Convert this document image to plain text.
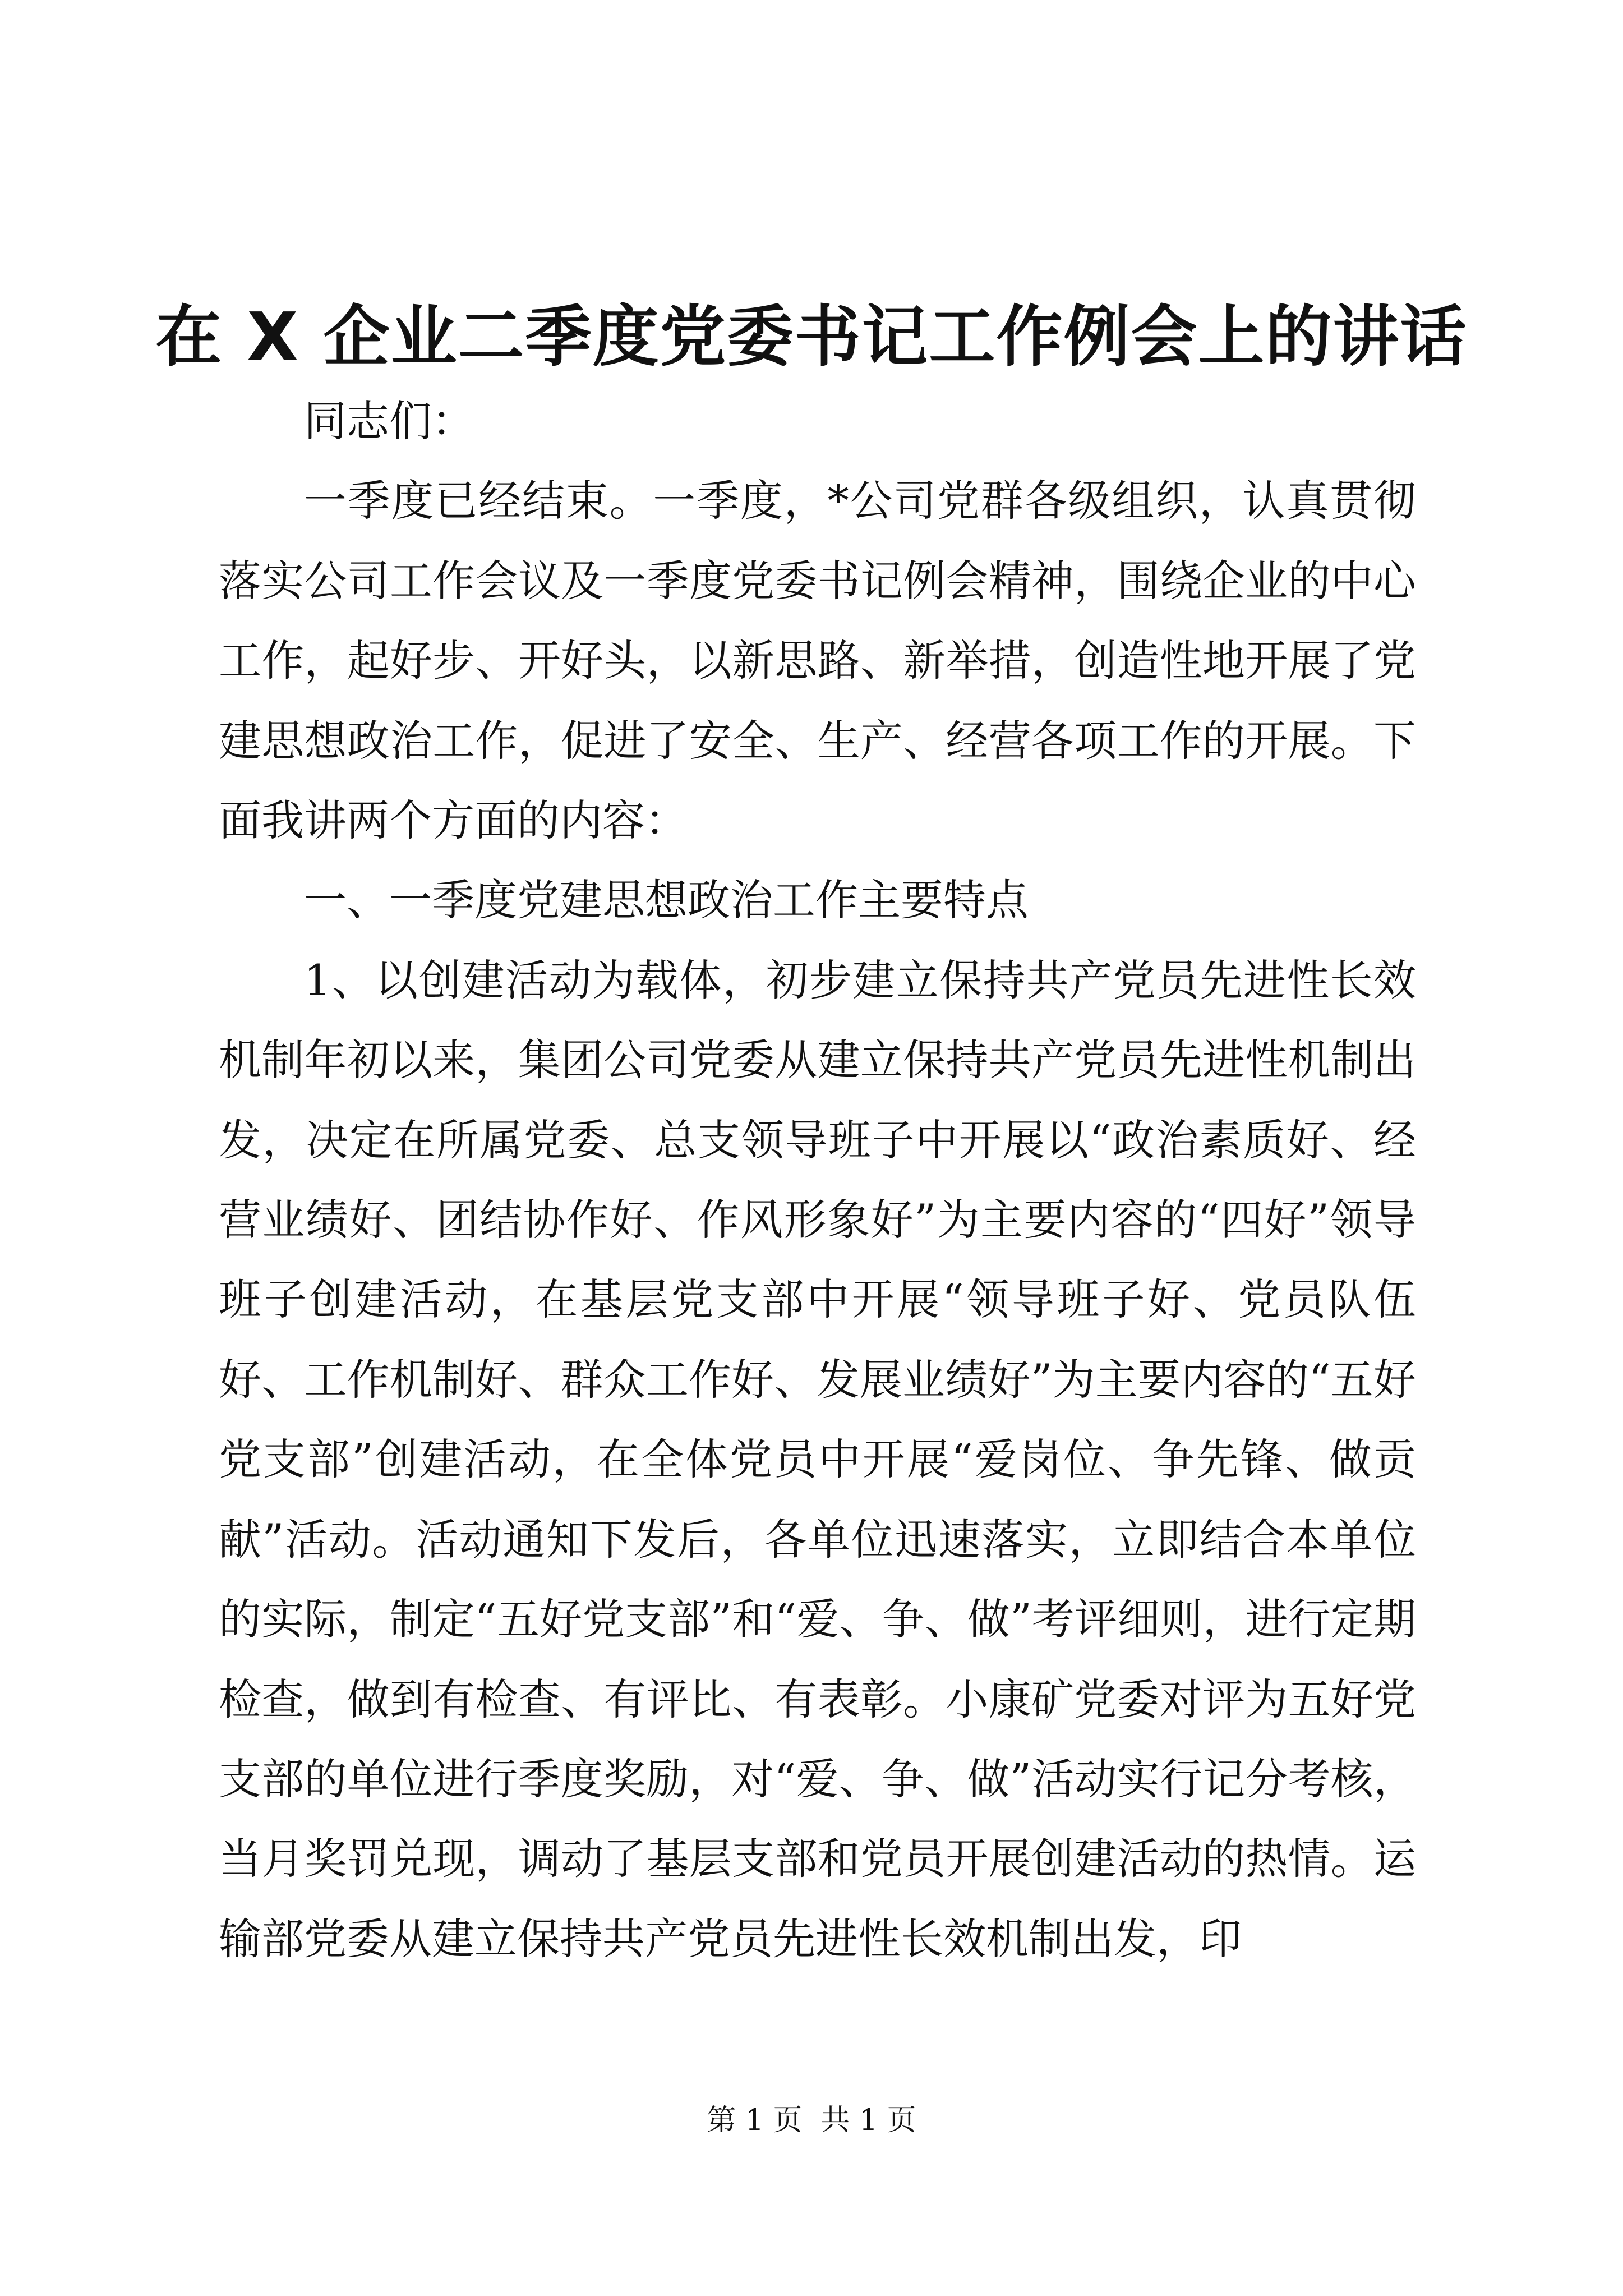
在 X 企业二季度党委书记工作例会上的讲话

同志们：

一季度已经结束。一季度，*公司党群各级组织，认真贯彻落实公司工作会议及一季度党委书记例会精神，围绕企业的中心工作，起好步、开好头，以新思路、新举措，创造性地开展了党建思想政治工作，促进了安全、生产、经营各项工作的开展。下面我讲两个方面的内容：

一、一季度党建思想政治工作主要特点

1、以创建活动为载体，初步建立保持共产党员先进性长效机制年初以来，集团公司党委从建立保持共产党员先进性机制出发，决定在所属党委、总支领导班子中开展以“政治素质好、经营业绩好、团结协作好、作风形象好”为主要内容的“四好”领导班子创建活动，在基层党支部中开展“领导班子好、党员队伍好、工作机制好、群众工作好、发展业绩好”为主要内容的“五好党支部”创建活动，在全体党员中开展“爱岗位、争先锋、做贡献”活动。活动通知下发后，各单位迅速落实，立即结合本单位的实际，制定“五好党支部”和“爱、争、做”考评细则，进行定期检查，做到有检查、有评比、有表彰。小康矿党委对评为五好党支部的单位进行季度奖励，对“爱、争、做”活动实行记分考核，当月奖罚兑现，调动了基层支部和党员开展创建活动的热情。运输部党委从建立保持共产党员先进性长效机制出发，印

第 1 页  共 1 页
